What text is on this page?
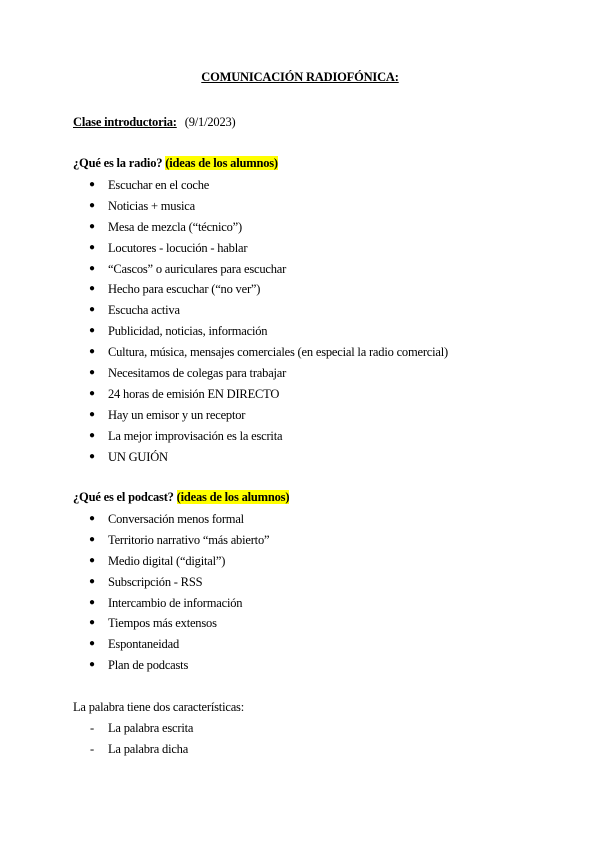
COMUNICACIÓN RADIOFÓNICA:
Clase introductoria: (9/1/2023)
¿Qué es la radio? (ideas de los alumnos)
● Escuchar en el coche
● Noticias + musica
● Mesa de mezcla (“técnico”)
● Locutores - locución - hablar
● “Cascos” o auriculares para escuchar
● Hecho para escuchar (“no ver”)
● Escucha activa
● Publicidad, noticias, información
● Cultura, música, mensajes comerciales (en especial la radio comercial)
● Necesitamos de colegas para trabajar
● 24 horas de emisión EN DIRECTO
● Hay un emisor y un receptor
● La mejor improvisación es la escrita
● UN GUIÓN
¿Qué es el podcast? (ideas de los alumnos)
● Conversación menos formal
● Territorio narrativo “más abierto”
● Medio digital (“digital”)
● Subscripción - RSS
● Intercambio de información
● Tiempos más extensos
● Espontaneidad
● Plan de podcasts
La palabra tiene dos características:
- La palabra escrita
- La palabra dicha
